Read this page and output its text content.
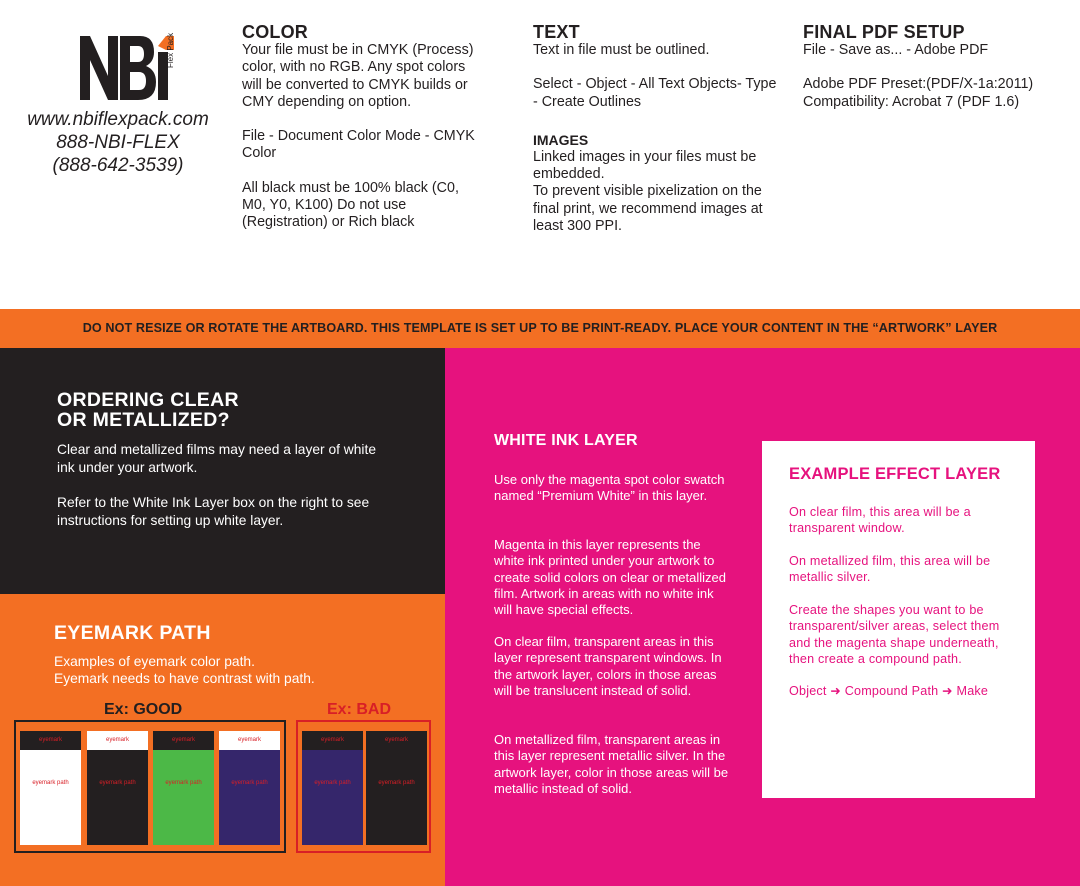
Flex Pack
www.nbiflexpack.com
888-NBI-FLEX
(888-642-3539)
COLOR

Your file must be in CMYK (Process) color, with no RGB. Any spot colors will be converted to CMYK builds or CMY depending on option.

File - Document Color Mode - CMYK Color

All black must be 100% black (C0, M0, Y0, K100) Do not use (Registration) or Rich black

TEXT

Text in file must be outlined.

Select - Object - All Text Objects- Type - Create Outlines

IMAGES

Linked images in your files must be embedded.

To prevent visible pixelization on the final print, we recommend images at least 300 PPI.

FINAL PDF SETUP

File - Save as... - Adobe PDF

Adobe PDF Preset:(PDF/X-1a:2011) Compatibility: Acrobat 7 (PDF 1.6)

DO NOT RESIZE OR ROTATE THE ARTBOARD. THIS TEMPLATE IS SET UP TO BE PRINT-READY. PLACE YOUR CONTENT IN THE “ARTWORK” LAYER
ORDERING CLEAR
OR METALLIZED?

Clear and metallized films may need a layer of white ink under your artwork.

Refer to the White Ink Layer box on the right to see instructions for setting up white layer.

EYEMARK PATH

Examples of eyemark color path.
Eyemark needs to have contrast with path.

Ex: GOOD	Ex: BAD
eyemark
eyemark path
eyemark
eyemark path
eyemark
eyemark path
eyemark
eyemark path
eyemark
eyemark path
eyemark
eyemark path
WHITE INK LAYER

Use only the magenta spot color swatch named “Premium White” in this layer.

Magenta in this layer represents the white ink printed under your artwork to create solid colors on clear or metallized film. Artwork in areas with no white ink will have special effects.

On clear film, transparent areas in this layer represent transparent windows. In the artwork layer, colors in those areas will be translucent instead of solid.

On metallized film, transparent areas in this layer represent metallic silver. In the artwork layer, color in those areas will be metallic instead of solid.

EXAMPLE EFFECT LAYER

On clear film, this area will be a transparent window.

On metallized film, this area will be metallic silver.

Create the shapes you want to be transparent/silver areas, select them and the magenta shape underneath, then create a compound path.

Object ➜ Compound Path ➜ Make
